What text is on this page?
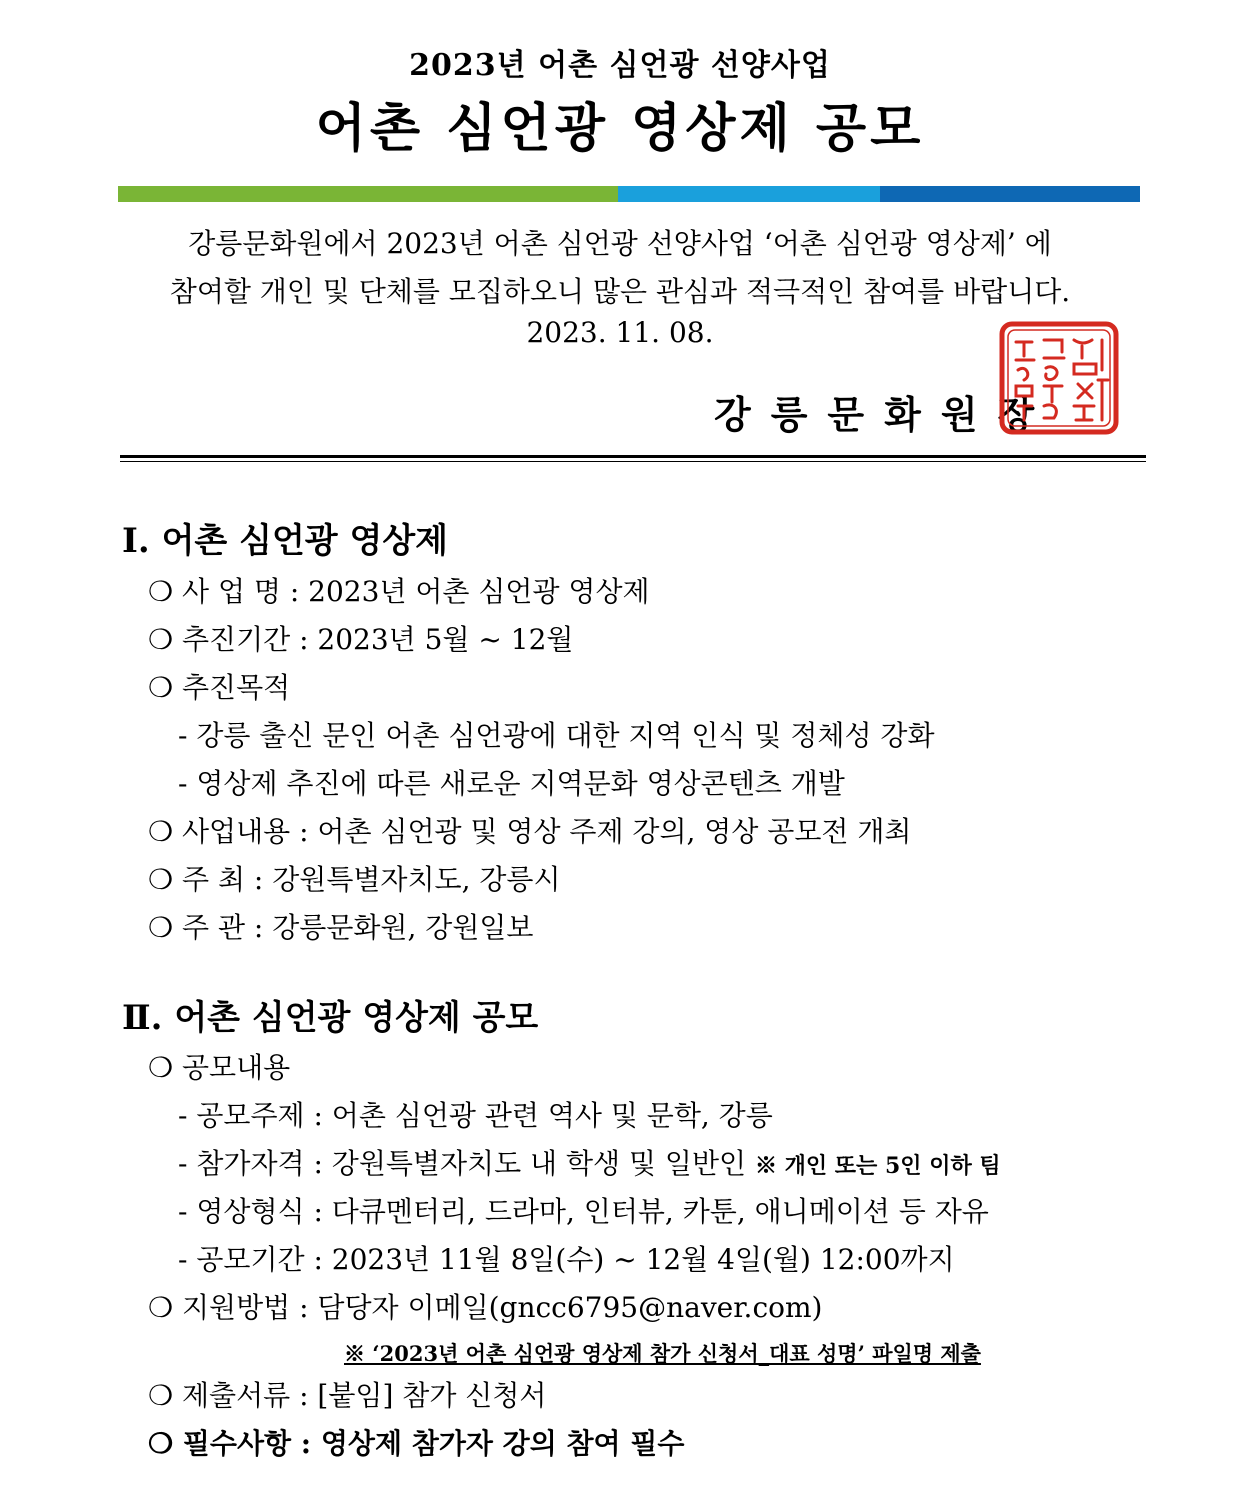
2023년 어촌 심언광 선양사업
어촌 심언광 영상제 공모
강릉문화원에서 2023년 어촌 심언광 선양사업 ‘어촌 심언광 영상제’ 에
참여할 개인 및 단체를 모집하오니 많은 관심과 적극적인 참여를 바랍니다.
2023. 11. 08.
강릉문화원장
Ⅰ. 어촌 심언광 영상제
❍ 사 업 명 : 2023년 어촌 심언광 영상제
❍ 추진기간 : 2023년 5월 ~ 12월
❍ 추진목적
- 강릉 출신 문인 어촌 심언광에 대한 지역 인식 및 정체성 강화
- 영상제 추진에 따른 새로운 지역문화 영상콘텐츠 개발
❍ 사업내용 : 어촌 심언광 및 영상 주제 강의, 영상 공모전 개최
❍ 주 최 : 강원특별자치도, 강릉시
❍ 주 관 : 강릉문화원, 강원일보
Ⅱ. 어촌 심언광 영상제 공모
❍ 공모내용
- 공모주제 : 어촌 심언광 관련 역사 및 문학, 강릉
- 참가자격 : 강원특별자치도 내 학생 및 일반인 ※ 개인 또는 5인 이하 팀
- 영상형식 : 다큐멘터리, 드라마, 인터뷰, 카툰, 애니메이션 등 자유
- 공모기간 : 2023년 11월 8일(수) ~ 12월 4일(월) 12:00까지
❍ 지원방법 : 담당자 이메일(gncc6795@naver.com)
※ ‘2023년 어촌 심언광 영상제 참가 신청서_대표 성명’ 파일명 제출
❍ 제출서류 : [붙임] 참가 신청서
❍ 필수사항 : 영상제 참가자 강의 참여 필수
